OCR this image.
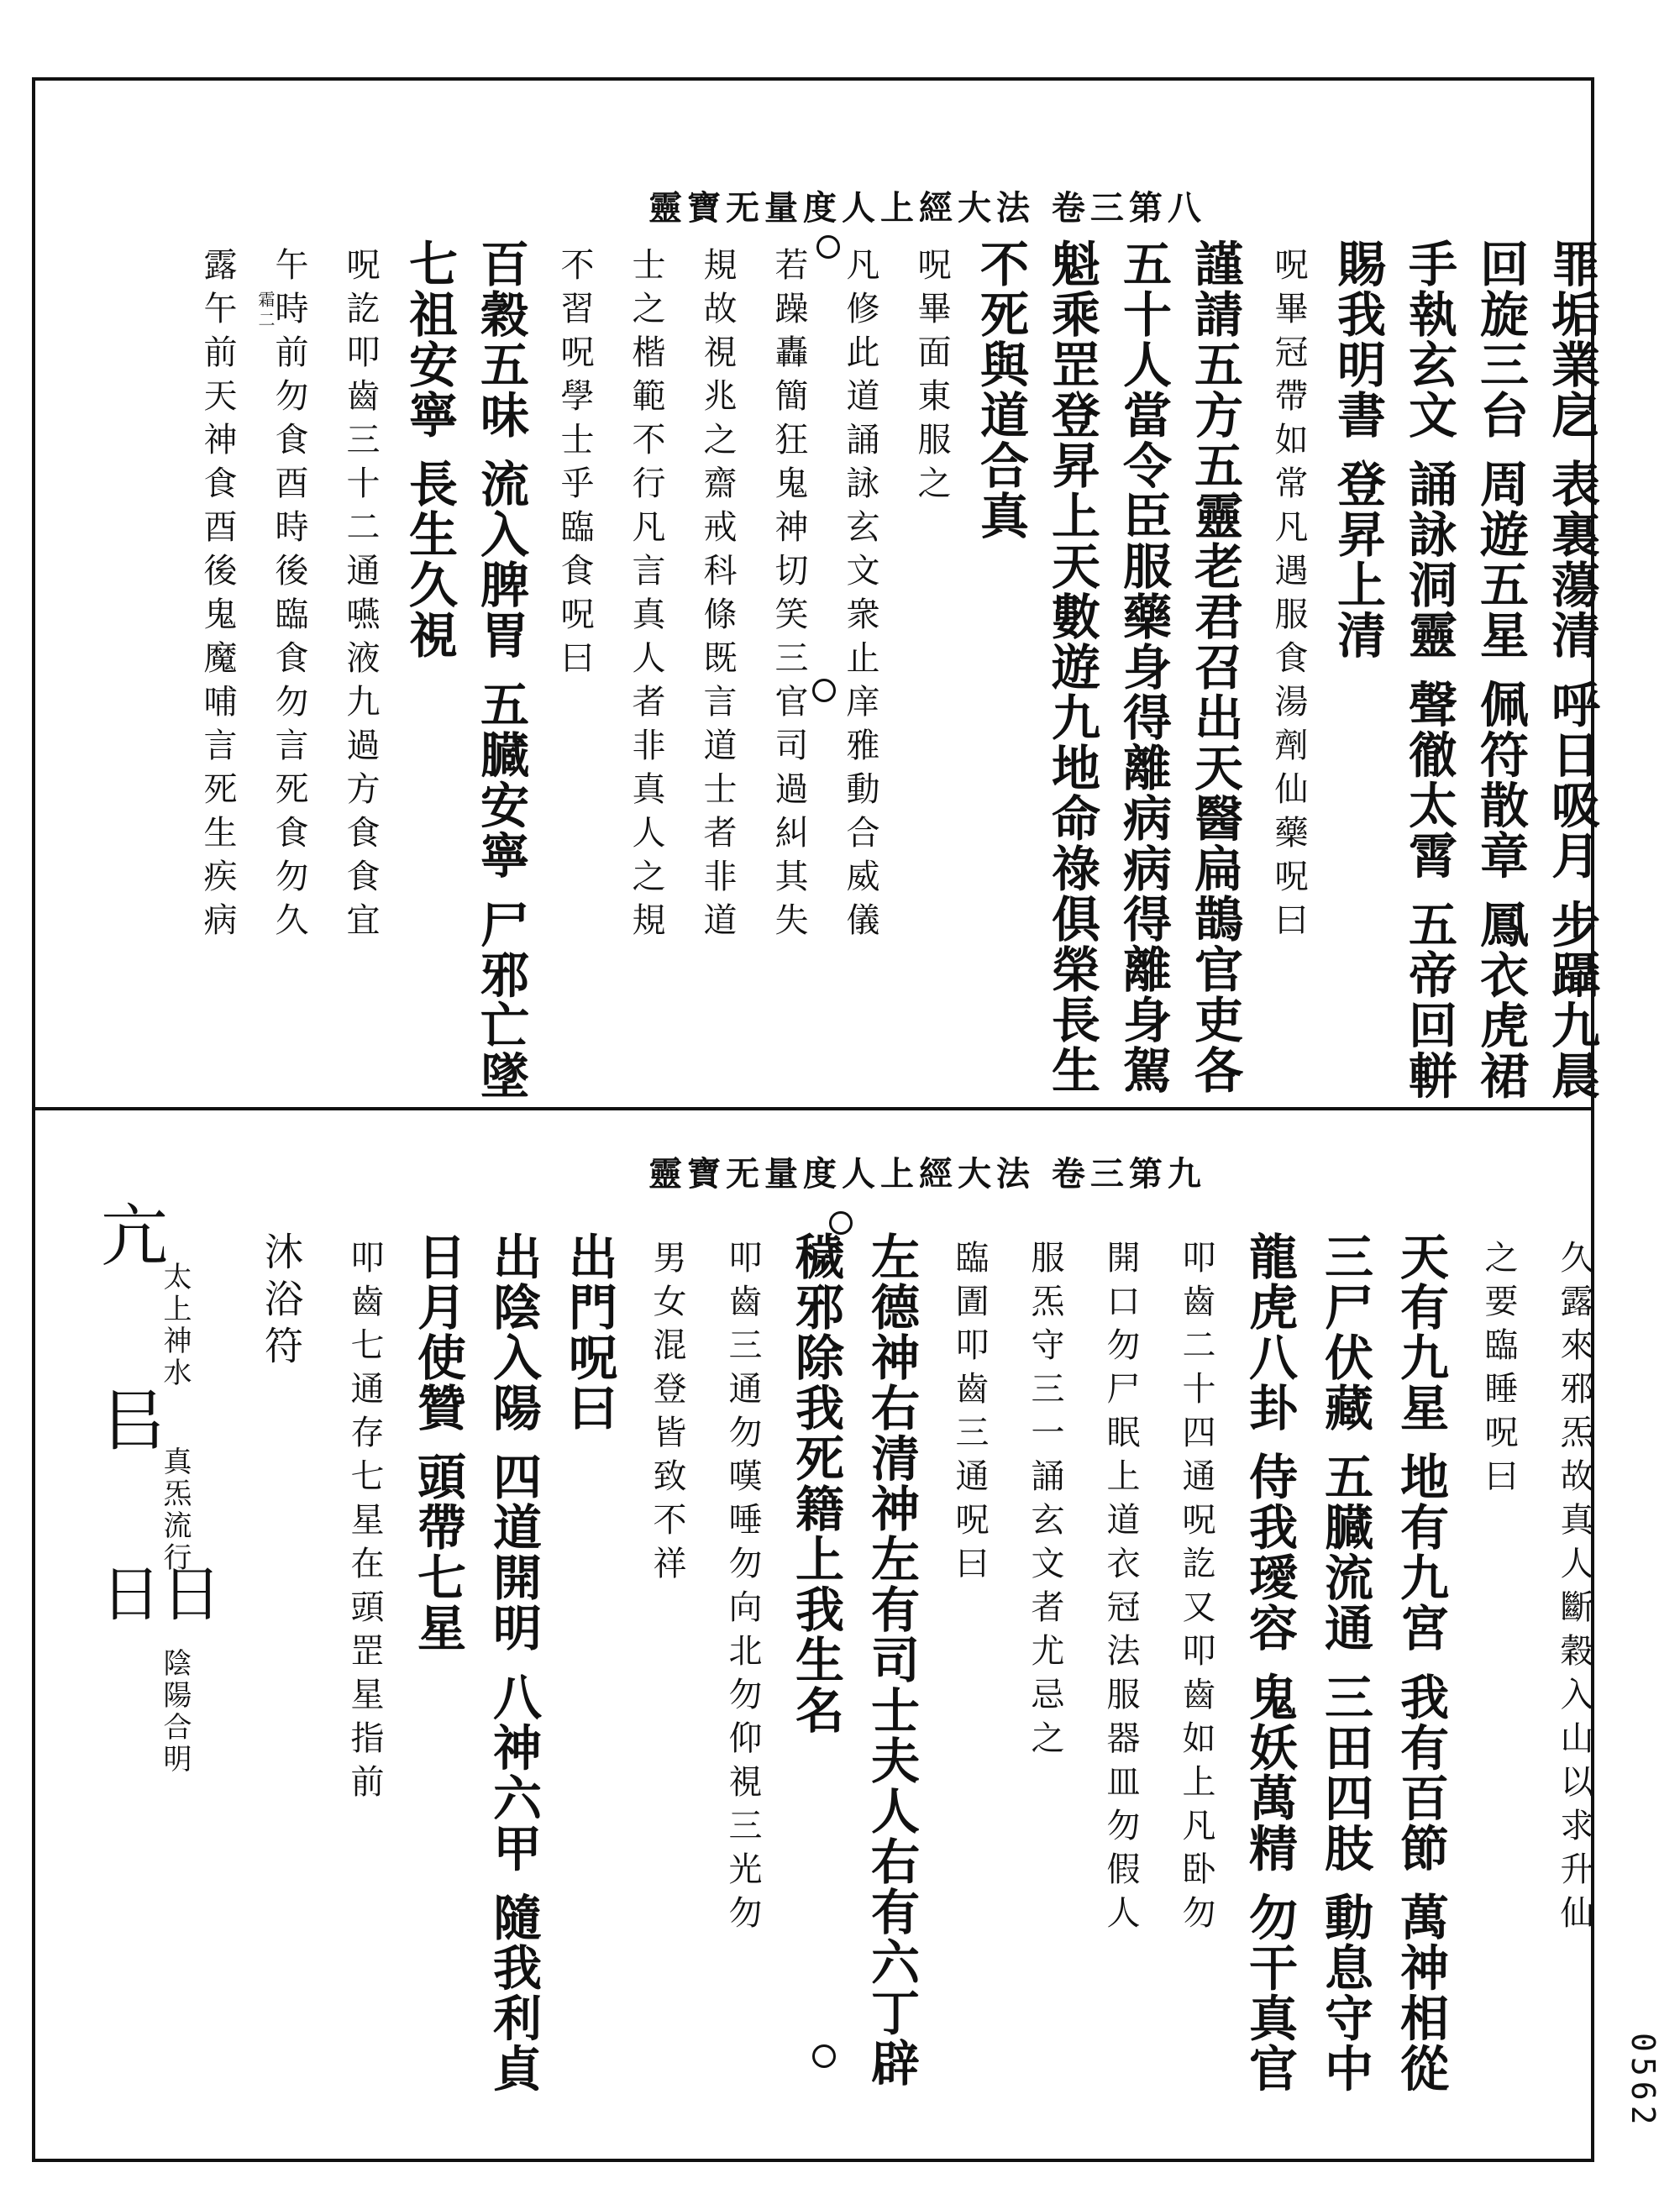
0562
靈寶无量度人上經大法 卷三第八
罪垢業戹 表裏蕩清 呼日吸月 步躡九晨
回旋三台 周遊五星 佩符散章 鳳衣虎裙
手執玄文 誦詠洞靈 聲徹太霄 五帝回軿
賜我明書 登昇上清
呪畢冠帶如常凡遇服食湯劑仙藥呪曰
謹請五方五靈老君召出天醫扁鵲官吏各
五十人當令臣服藥身得離病病得離身駕
魁乘罡登昇上天數遊九地命祿俱榮長生
不死與道合真
呪畢面東服之
凡修此道誦詠玄文衆止庠雅動合威儀
若躁轟簡狂鬼神切笑三官司過糾其失
規故視兆之齋戒科條既言道士者非道
士之楷範不行凡言真人者非真人之規
不習呪學士乎臨食呪曰
百穀五味 流入脾胃 五臓安寧 尸邪亡墜
七祖安寧 長生久視
呪訖叩齒三十二通嚥液九過方食食宜
午時前勿食酉時後臨食勿言死食勿久
露午前天神食酉後鬼魔哺言死生疾病 霜二
靈寶无量度人上經大法 卷三第九
久露來邪炁故真人斷穀入山以求升仙
之要臨睡呪曰
天有九星 地有九宮 我有百節 萬神相從
三尸伏藏 五臓流通 三田四肢 動息守中
龍虎八卦 侍我璦容 鬼妖萬精 勿干真官
叩齒二十四通呪訖又叩齒如上凡卧勿
開口勿尸眠上道衣冠法服器皿勿假人
服炁守三一誦玄文者尤忌之
臨圊叩齒三通呪曰
左德神右清神左有司士夫人右有六丁辟
穢邪除我死籍上我生名
叩齒三通勿嘆唾勿向北勿仰視三光勿
男女混登皆致不祥
出門呪曰
出陰入陽 四道開明 八神六甲 隨我利貞
日月使贊 頭帶七星
叩齒七通存七星在頭罡星指前
沐浴符
亢
太上神水
㠯
真炁流行
日日
陰陽合明
